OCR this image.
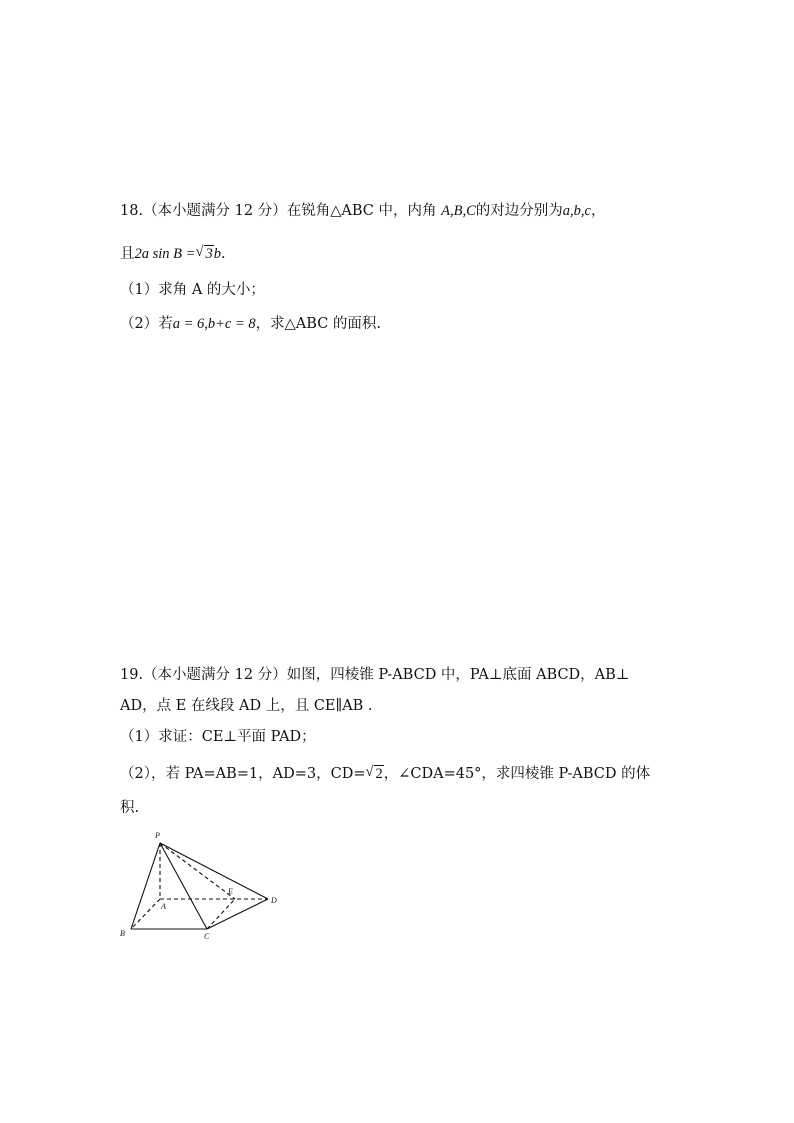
18.（本小题满分 12 分）在锐角△ABC 中，内角 A,B,C的对边分别为a,b,c，
且2a sin B = √ 3b.
（1）求角 A 的大小；
（2）若a = 6,b+c = 8，求△ABC 的面积.
19.（本小题满分 12 分）如图，四棱锥 P-ABCD 中，PA⊥底面 ABCD，AB⊥
AD，点 E 在线段 AD 上，且 CE∥AB .
（1）求证：CE⊥平面 PAD；
（2），若 PA=AB=1，AD=3，CD= √ 2，∠CDA=45°，求四棱锥 P-ABCD 的体
积.
P
A
B	C
D
E
